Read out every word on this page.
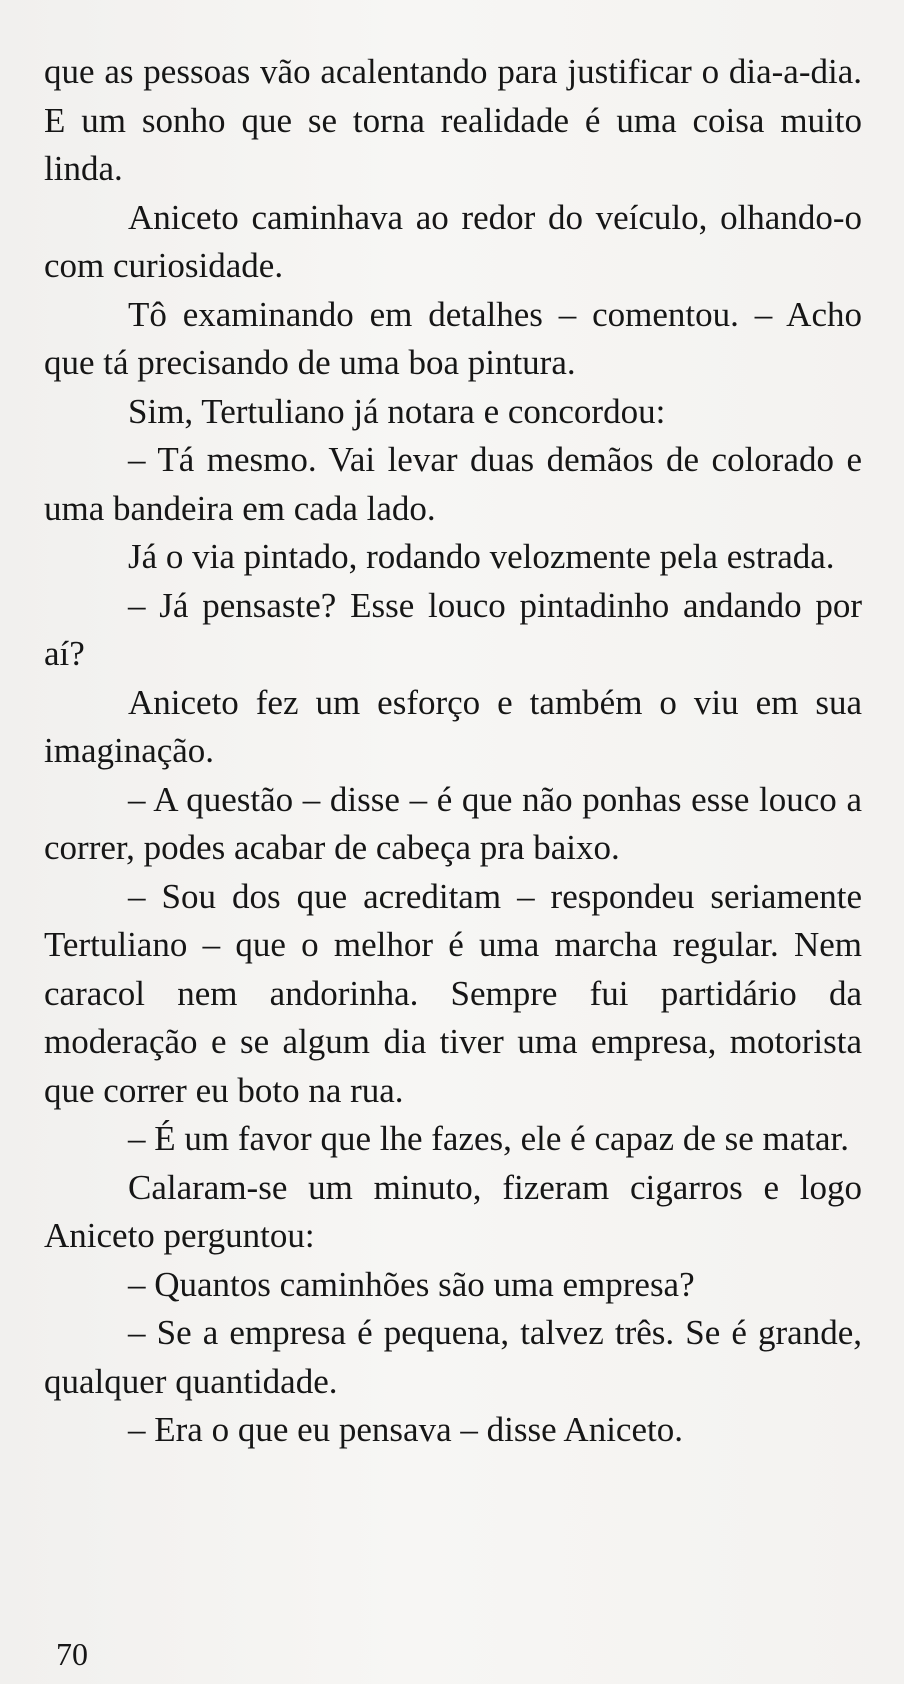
que as pessoas vão acalentando para justificar o dia-a-dia. E um sonho que se torna realidade é uma coisa muito linda.

Aniceto caminhava ao redor do veículo, olhando-o com curiosidade.

Tô examinando em detalhes – comentou. – Acho que tá precisando de uma boa pintura.

Sim, Tertuliano já notara e concordou:

– Tá mesmo. Vai levar duas demãos de colorado e uma bandeira em cada lado.

Já o via pintado, rodando velozmente pela estrada.

– Já pensaste? Esse louco pintadinho andando por aí?

Aniceto fez um esforço e também o viu em sua imaginação.

– A questão – disse – é que não ponhas esse louco a correr, podes acabar de cabeça pra baixo.

– Sou dos que acreditam – respondeu seriamente Tertuliano – que o melhor é uma marcha regular. Nem caracol nem andorinha. Sempre fui partidário da moderação e se algum dia tiver uma empresa, motorista que correr eu boto na rua.

– É um favor que lhe fazes, ele é capaz de se matar.

Calaram-se um minuto, fizeram cigarros e logo Aniceto perguntou:

– Quantos caminhões são uma empresa?

– Se a empresa é pequena, talvez três. Se é grande, qualquer quantidade.

– Era o que eu pensava – disse Aniceto.

70
